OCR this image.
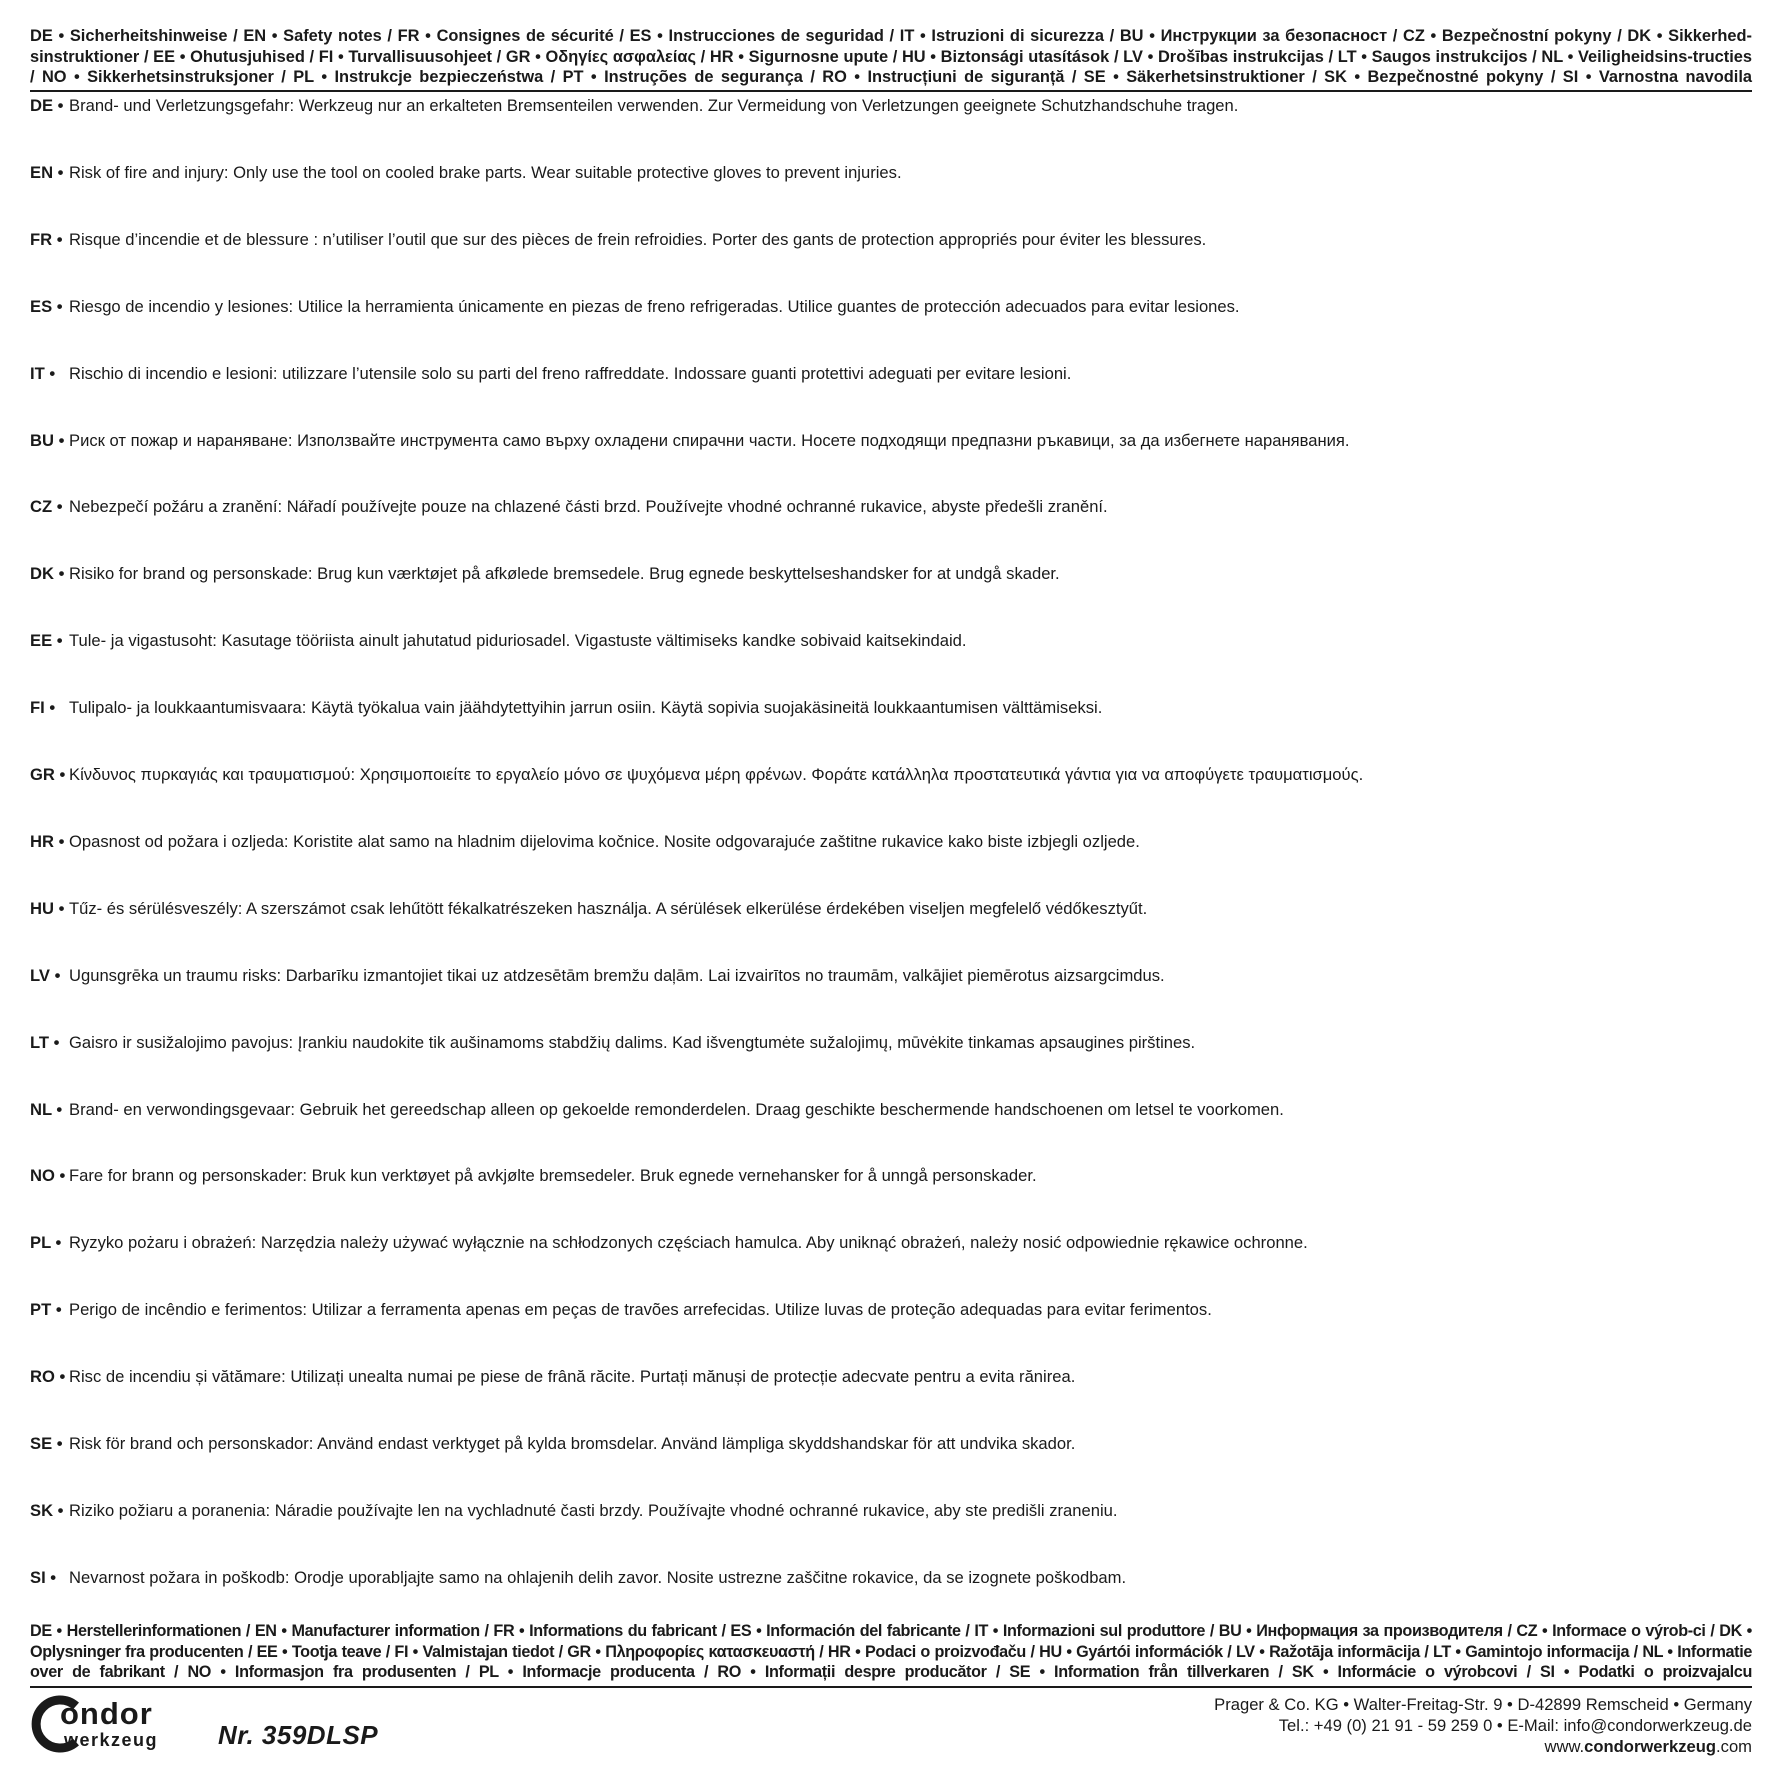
DE • Sicherheitshinweise / EN • Safety notes / FR • Consignes de sécurité / ES • Instrucciones de seguridad / IT • Istruzioni di sicurezza / BU • Инструкции за безопасност / CZ • Bezpečnostní pokyny / DK • Sikkerhed-sinstruktioner / EE • Ohutusjuhised / FI • Turvallisuusohjeet / GR • Οδηγίες ασφαλείας / HR • Sigurnosne upute / HU • Biztonsági utasítások / LV • Drošības instrukcijas / LT • Saugos instrukcijos / NL • Veiligheidsins-tructies / NO • Sikkerhetsinstruksjoner / PL • Instrukcje bezpieczeństwa / PT • Instruções de segurança / RO • Instrucțiuni de siguranță / SE • Säkerhetsinstruktioner / SK • Bezpečnostné pokyny / SI • Varnostna navodila
DE • Brand- und Verletzungsgefahr: Werkzeug nur an erkalteten Bremsenteilen verwenden. Zur Vermeidung von Verletzungen geeignete Schutzhandschuhe tragen.
EN • Risk of fire and injury: Only use the tool on cooled brake parts. Wear suitable protective gloves to prevent injuries.
FR • Risque d’incendie et de blessure : n’utiliser l’outil que sur des pièces de frein refroidies. Porter des gants de protection appropriés pour éviter les blessures.
ES • Riesgo de incendio y lesiones: Utilice la herramienta únicamente en piezas de freno refrigeradas. Utilice guantes de protección adecuados para evitar lesiones.
IT • Rischio di incendio e lesioni: utilizzare l’utensile solo su parti del freno raffreddate. Indossare guanti protettivi adeguati per evitare lesioni.
BU • Риск от пожар и нараняване: Използвайте инструмента само върху охладени спирачни части. Носете подходящи предпазни ръкавици, за да избегнете наранявания.
CZ • Nebezpečí požáru a zranění: Nářadí používejte pouze na chlazené části brzd. Používejte vhodné ochranné rukavice, abyste předešli zranění.
DK • Risiko for brand og personskade: Brug kun værktøjet på afkølede bremsedele. Brug egnede beskyttelseshandsker for at undgå skader.
EE • Tule- ja vigastusoht: Kasutage tööriista ainult jahutatud piduriosadel. Vigastuste vältimiseks kandke sobivaid kaitsekindaid.
FI • Tulipalo- ja loukkaantumisvaara: Käytä työkalua vain jäähdytettyihin jarrun osiin. Käytä sopivia suojakäsineitä loukkaantumisen välttämiseksi.
GR • Κίνδυνος πυρκαγιάς και τραυματισμού: Χρησιμοποιείτε το εργαλείο μόνο σε ψυχόμενα μέρη φρένων. Φοράτε κατάλληλα προστατευτικά γάντια για να αποφύγετε τραυματισμούς.
HR • Opasnost od požara i ozljeda: Koristite alat samo na hladnim dijelovima kočnice. Nosite odgovarajuće zaštitne rukavice kako biste izbjegli ozljede.
HU • Tűz- és sérülésveszély: A szerszámot csak lehűtött fékalkatrészeken használja. A sérülések elkerülése érdekében viseljen megfelelő védőkesztyűt.
LV • Ugunsgrēka un traumu risks: Darbarīku izmantojiet tikai uz atdzesētām bremžu daļām. Lai izvairītos no traumām, valkājiet piemērotus aizsargcimdus.
LT • Gaisro ir susižalojimo pavojus: Įrankiu naudokite tik aušinamoms stabdžių dalims. Kad išvengtumėte sužalojimų, mūvėkite tinkamas apsaugines pirštines.
NL • Brand- en verwondingsgevaar: Gebruik het gereedschap alleen op gekoelde remonderdelen. Draag geschikte beschermende handschoenen om letsel te voorkomen.
NO • Fare for brann og personskader: Bruk kun verktøyet på avkjølte bremsedeler. Bruk egnede vernehansker for å unngå personskader.
PL • Ryzyko pożaru i obrażeń: Narzędzia należy używać wyłącznie na schłodzonych częściach hamulca. Aby uniknąć obrażeń, należy nosić odpowiednie rękawice ochronne.
PT • Perigo de incêndio e ferimentos: Utilizar a ferramenta apenas em peças de travões arrefecidas. Utilize luvas de proteção adequadas para evitar ferimentos.
RO • Risc de incendiu și vătămare: Utilizați unealta numai pe piese de frână răcite. Purtați mănuși de protecție adecvate pentru a evita rănirea.
SE • Risk för brand och personskador: Använd endast verktyget på kylda bromsdelar. Använd lämpliga skyddshandskar för att undvika skador.
SK • Riziko požiaru a poranenia: Náradie používajte len na vychladnuté časti brzdy. Používajte vhodné ochranné rukavice, aby ste predišli zraneniu.
SI • Nevarnost požara in poškodb: Orodje uporabljajte samo na ohlajenih delih zavor. Nosite ustrezne zaščitne rokavice, da se izognete poškodbam.
DE • Herstellerinformationen / EN • Manufacturer information / FR • Informations du fabricant / ES • Información del fabricante / IT • Informazioni sul produttore / BU • Информация за производителя / CZ • Informace o výrob-ci / DK • Oplysninger fra producenten / EE • Tootja teave / FI • Valmistajan tiedot / GR • Πληροφορίες κατασκευαστή / HR • Podaci o proizvođaču / HU • Gyártói információk / LV • Ražotāja informācija / LT • Gamintojo informacija / NL • Informatie over de fabrikant / NO • Informasjon fra produsenten / PL • Informacje producenta / RO • Informații despre producător / SE • Information från tillverkaren / SK • Informácie o výrobcovi / SI • Podatki o proizvajalcu
ondor
werkzeug Nr. 359DLSP
Prager & Co. KG • Walter-Freitag-Str. 9 • D-42899 Remscheid • Germany
Tel.: +49 (0) 21 91 - 59 259 0 • E-Mail: info@condorwerkzeug.de
www.condorwerkzeug.com
